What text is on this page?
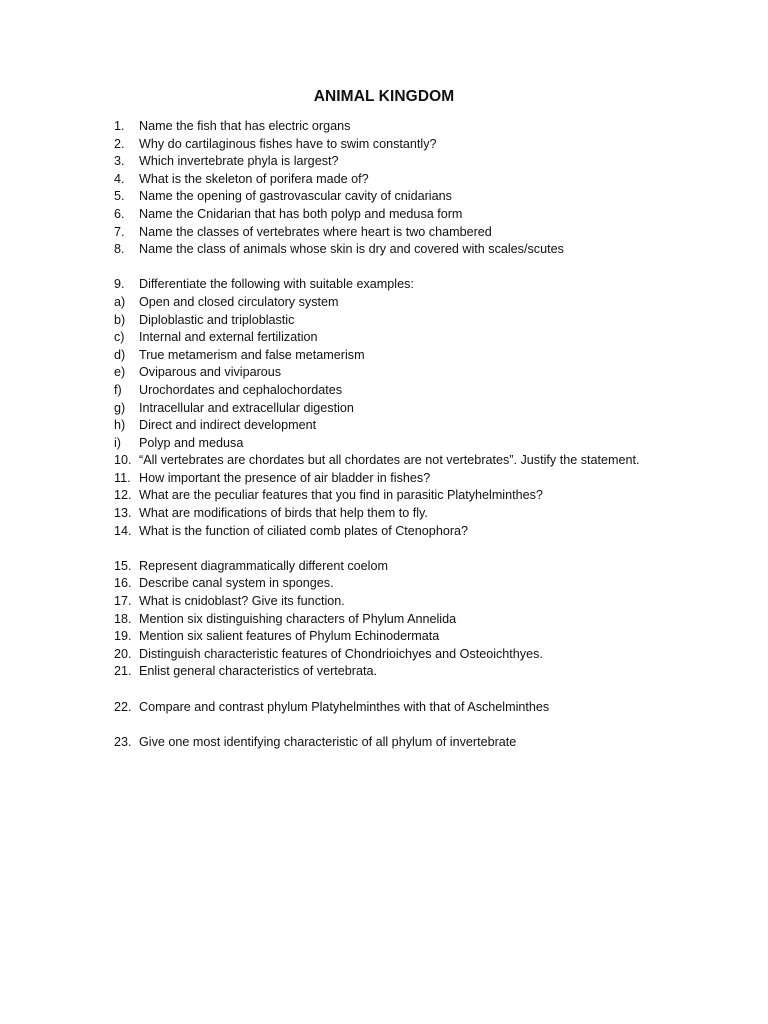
ANIMAL KINGDOM
1.	Name the fish that has electric organs
2.	Why do cartilaginous fishes have to swim constantly?
3.	Which invertebrate phyla is largest?
4.	What is the skeleton of porifera made of?
5.	Name the opening of gastrovascular cavity of cnidarians
6.	Name the Cnidarian that has both polyp and medusa form
7.	Name the classes of vertebrates where heart is two chambered
8.	Name the class of animals whose skin is dry and covered with scales/scutes
9.	Differentiate the following with suitable examples:
a)	Open and closed circulatory system
b)	Diploblastic and triploblastic
c)	Internal and external fertilization
d)	True metamerism and false metamerism
e)	Oviparous and viviparous
f)	Urochordates and cephalochordates
g)	Intracellular and extracellular digestion
h)	Direct and indirect development
i)	Polyp and medusa
10. “All vertebrates are chordates but all chordates are not vertebrates”. Justify the statement.
11. How important the presence of air bladder in fishes?
12. What are the peculiar features that you find in parasitic Platyhelminthes?
13. What are modifications of birds that help them to fly.
14. What is the function of ciliated comb plates of Ctenophora?
15. Represent diagrammatically different coelom
16. Describe canal system in sponges.
17. What is cnidoblast? Give its function.
18. Mention six distinguishing characters of Phylum Annelida
19. Mention six salient features of Phylum Echinodermata
20. Distinguish characteristic features of Chondrioichyes and Osteoichthyes.
21. Enlist general characteristics of vertebrata.
22. Compare and contrast phylum Platyhelminthes with that of Aschelminthes
23. Give one most identifying characteristic of all phylum of invertebrate
